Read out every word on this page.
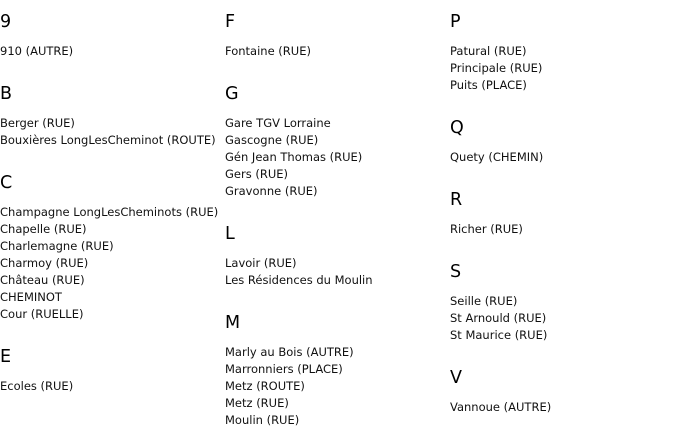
9
910 (AUTRE)
B
Berger (RUE)
Bouxières LongLesCheminot (ROUTE)
C
Champagne LongLesCheminots (RUE)
Chapelle (RUE)
Charlemagne (RUE)
Charmoy (RUE)
Château (RUE)
CHEMINOT
Cour (RUELLE)
E
Ecoles (RUE)
F
Fontaine (RUE)
G
Gare TGV Lorraine
Gascogne (RUE)
Gén Jean Thomas (RUE)
Gers (RUE)
Gravonne (RUE)
L
Lavoir (RUE)
Les Résidences du Moulin
M
Marly au Bois (AUTRE)
Marronniers (PLACE)
Metz (ROUTE)
Metz (RUE)
Moulin (RUE)
P
Patural (RUE)
Principale (RUE)
Puits (PLACE)
Q
Quety (CHEMIN)
R
Richer (RUE)
S
Seille (RUE)
St Arnould (RUE)
St Maurice (RUE)
V
Vannoue (AUTRE)
